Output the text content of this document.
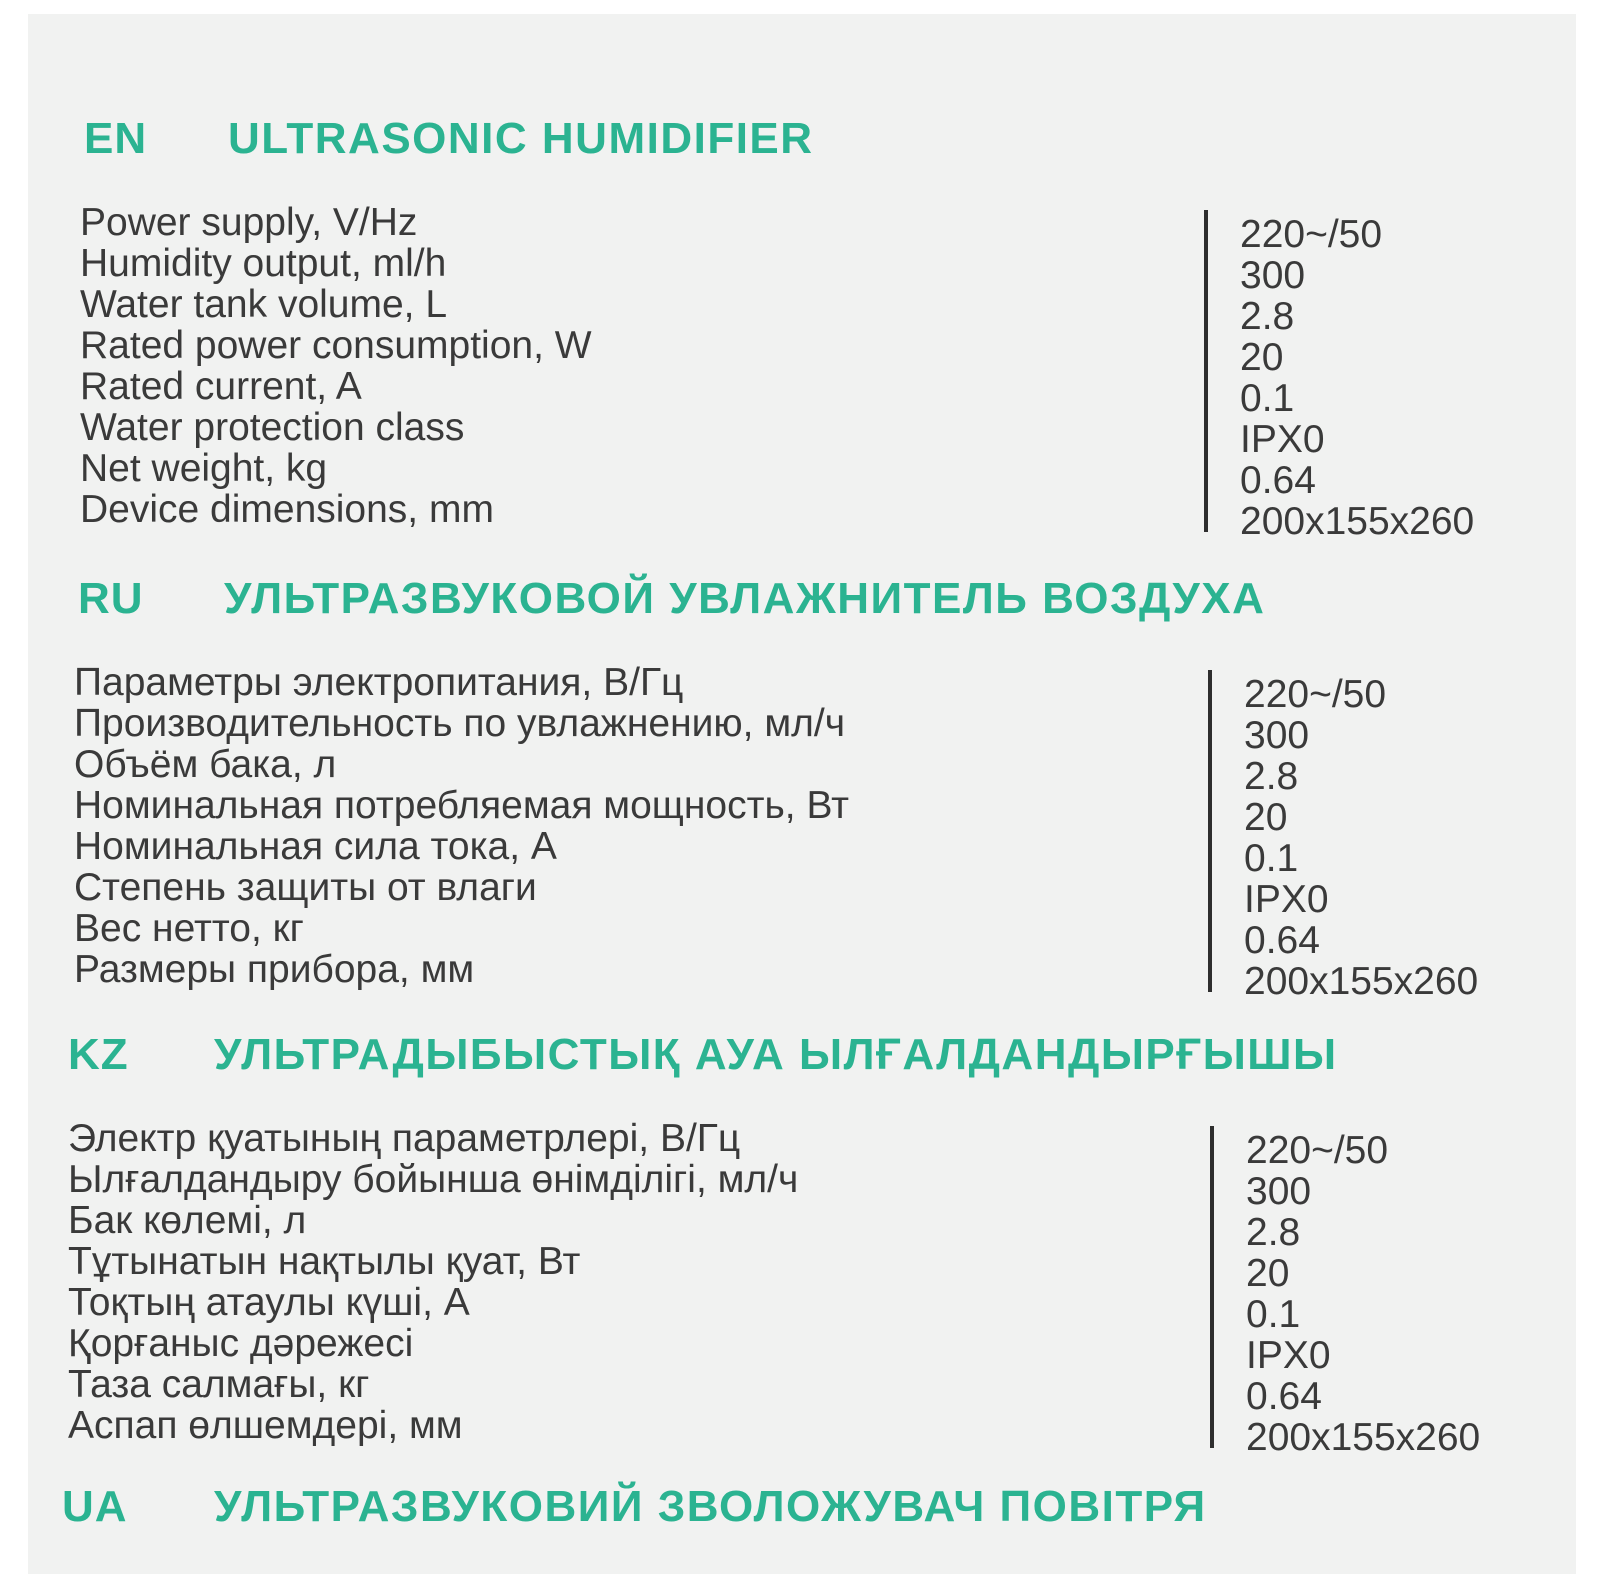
EN ULTRASONIC HUMIDIFIER
Power supply, V/Hz
Humidity output, ml/h
Water tank volume, L
Rated power consumption, W
Rated current, A
Water protection class
Net weight, kg
Device dimensions, mm
220~/50
300
2.8
20
0.1
IPX0
0.64
200x155x260
RU УЛЬТРАЗВУКОВОЙ УВЛАЖНИТЕЛЬ ВОЗДУХА
Параметры электропитания, В/Гц
Производительность по увлажнению, мл/ч
Объём бака, л
Номинальная потребляемая мощность, Вт
Номинальная сила тока, А
Степень защиты от влаги
Вес нетто, кг
Размеры прибора, мм
220~/50
300
2.8
20
0.1
IPX0
0.64
200x155x260
KZ УЛЬТРАДЫБЫСТЫҚ АУА ЫЛҒАЛДАНДЫРҒЫШЫ
Электр қуатының параметрлері, В/Гц
Ылғалдандыру бойынша өнімділігі, мл/ч
Бак көлемі, л
Тұтынатын нақтылы қуат, Вт
Тоқтың атаулы күші, А
Қорғаныс дәрежесі
Таза салмағы, кг
Аспап өлшемдері, мм
220~/50
300
2.8
20
0.1
IPX0
0.64
200x155x260
UA УЛЬТРАЗВУКОВИЙ ЗВОЛОЖУВАЧ ПОВІТРЯ
